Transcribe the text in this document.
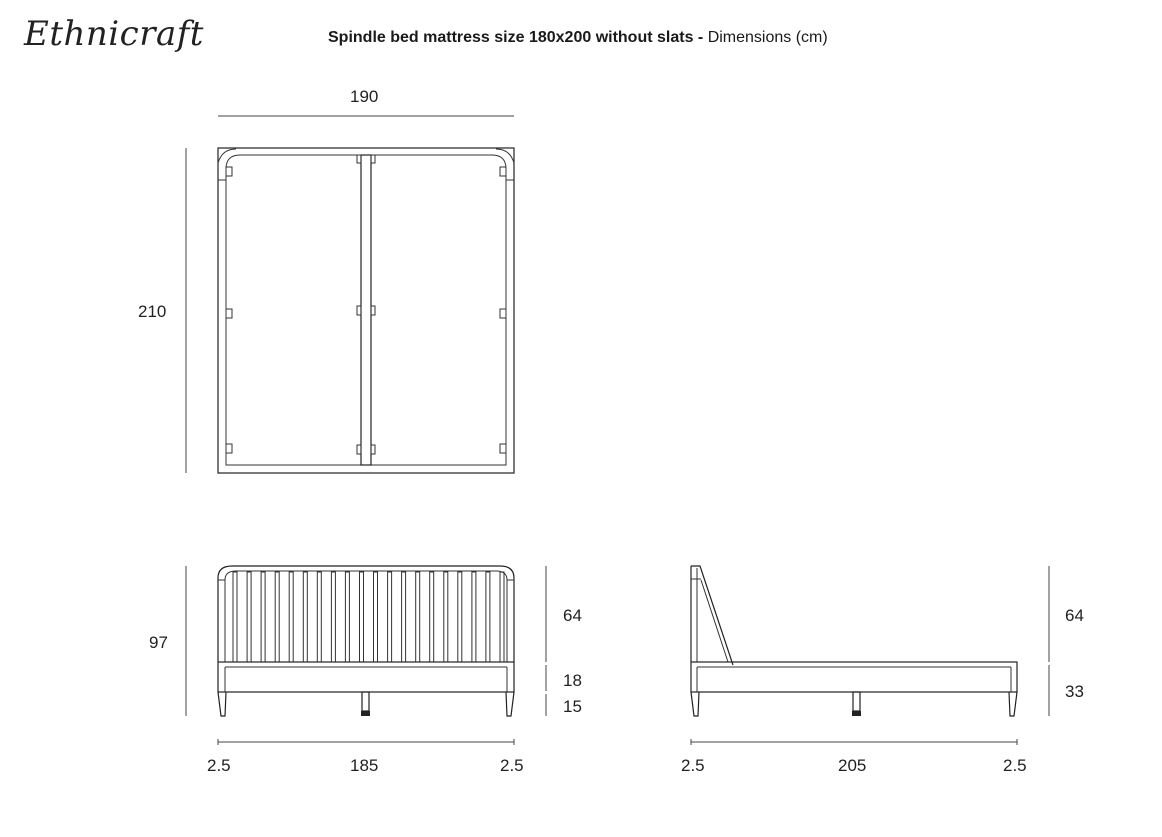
Ethnicraft	Spindle bed mattress size 180x200 without slats - Dimensions (cm)
190
210
97
64
18
15
2.5	185	2.5
64
33
2.5	205	2.5
